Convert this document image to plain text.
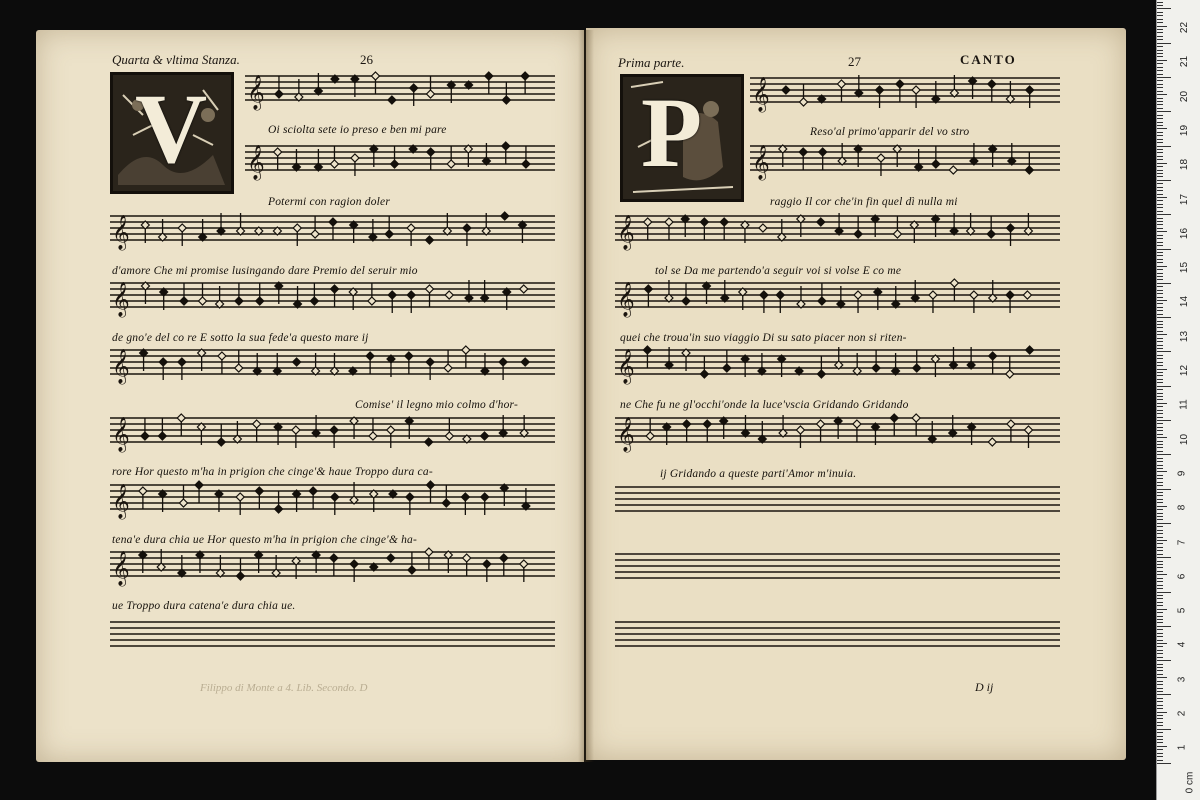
Quarta & vltima Stanza.	26
V
Prima parte.	27	CANTO
P
𝄞
𝄞
𝄞
𝄞
𝄞
𝄞
𝄞
𝄞
𝄞
𝄞
𝄞
𝄞
𝄞
𝄞
Oi sciolta sete io preso e ben mi pare
Potermi con ragion doler
d'amore Che mi promise lusingando dare Premio del seruir mio
de gno'e del co re E sotto la sua fede'a questo mare ij
Comise' il legno mio colmo d'hor-
rore Hor questo m'ha in prigion che cinge'& haue Troppo dura ca-
tena'e dura chia ue Hor questo m'ha in prigion che cinge'& ha-
ue Troppo dura catena'e dura chia ue.
Reso'al primo'apparir del vo stro
raggio Il cor che'in fin quel dì nulla mi
tol se Da me partendo'a seguir voi si volse E co me
quei che troua'in suo viaggio Di su sato piacer non si riten-
ne Che fu ne gl'occhi'onde la luce'vscia Gridando Gridando
ij Gridando a queste parti'Amor m'inuia.
Filippo di Monte a 4. Lib. Secondo. D	D ij
22
21
20
19
18
17
16
15
14
13
12
11
10
9
8
7
6
5
4
3
2
1
0 cm
